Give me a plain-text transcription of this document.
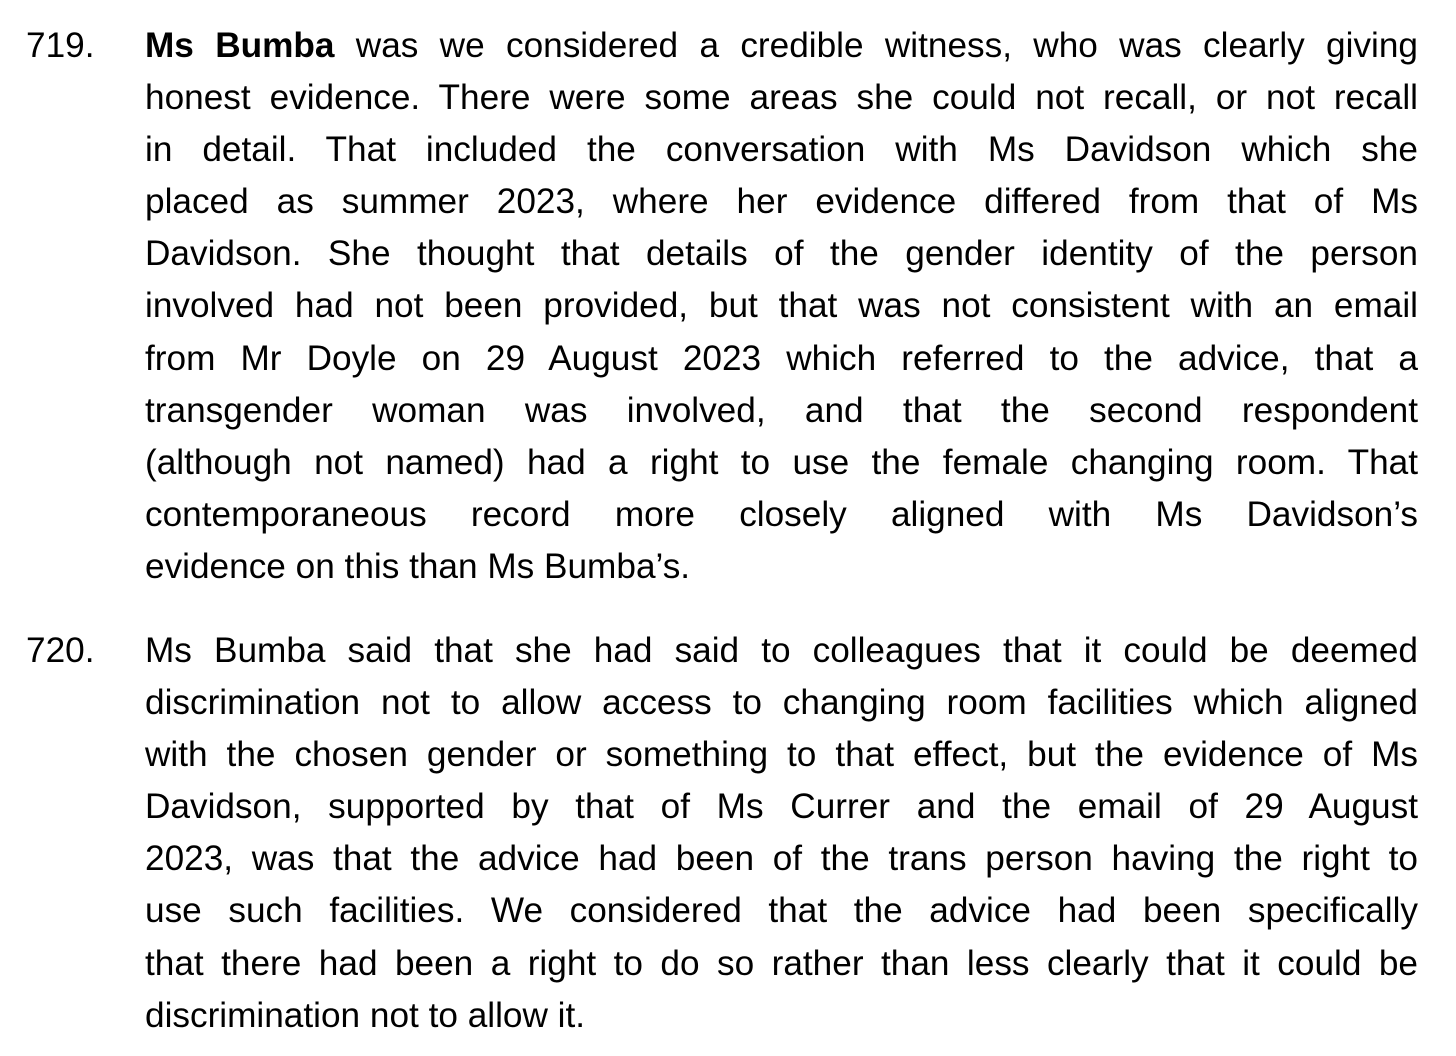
719. Ms Bumba was we considered a credible witness, who was clearly giving
honest evidence. There were some areas she could not recall, or not recall
in detail. That included the conversation with Ms Davidson which she
placed as summer 2023, where her evidence differed from that of Ms
Davidson. She thought that details of the gender identity of the person
involved had not been provided, but that was not consistent with an email
from Mr Doyle on 29 August 2023 which referred to the advice, that a
transgender woman was involved, and that the second respondent
(although not named) had a right to use the female changing room. That
contemporaneous record more closely aligned with Ms Davidson’s
evidence on this than Ms Bumba’s.
720. Ms Bumba said that she had said to colleagues that it could be deemed
discrimination not to allow access to changing room facilities which aligned
with the chosen gender or something to that effect, but the evidence of Ms
Davidson, supported by that of Ms Currer and the email of 29 August
2023, was that the advice had been of the trans person having the right to
use such facilities. We considered that the advice had been specifically
that there had been a right to do so rather than less clearly that it could be
discrimination not to allow it.
